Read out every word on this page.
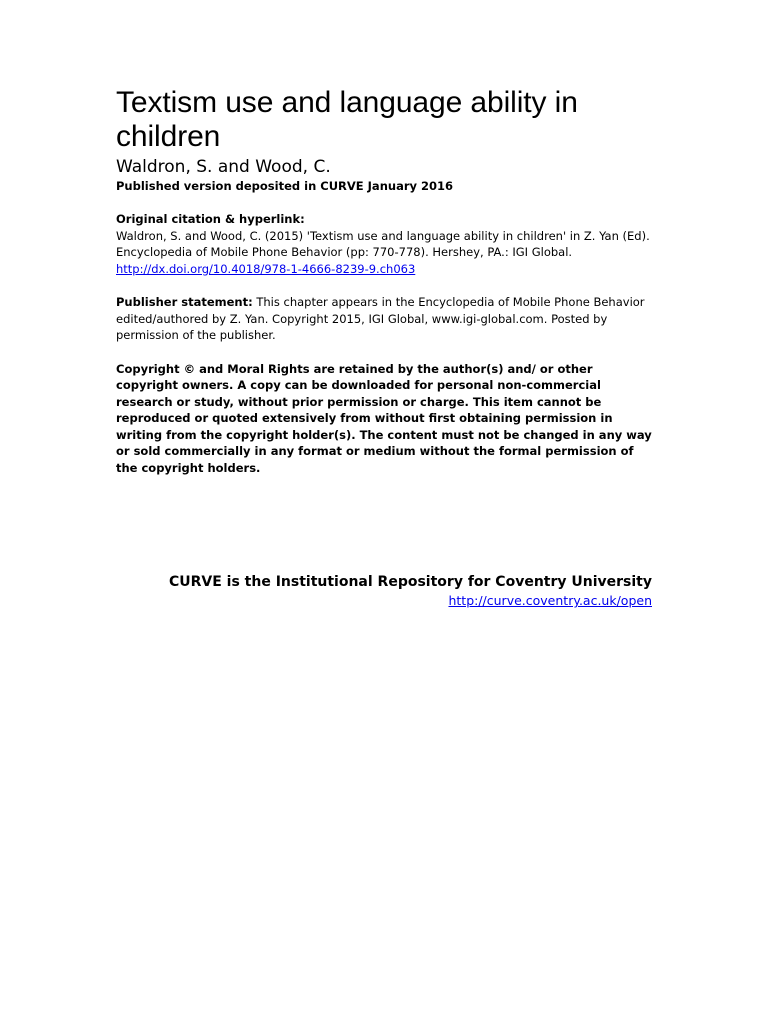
Textism use and language ability in children

Waldron, S. and Wood, C.

Published version deposited in CURVE January 2016

Original citation & hyperlink:

Waldron, S. and Wood, C. (2015) 'Textism use and language ability in children' in Z. Yan (Ed).

Encyclopedia of Mobile Phone Behavior (pp: 770-778). Hershey, PA.: IGI Global.

http://dx.doi.org/10.4018/978-1-4666-8239-9.ch063

Publisher statement: This chapter appears in the Encyclopedia of Mobile Phone Behavior edited/authored by Z. Yan. Copyright 2015, IGI Global, www.igi-global.com. Posted by permission of the publisher.

Copyright © and Moral Rights are retained by the author(s) and/ or other copyright owners. A copy can be downloaded for personal non-commercial research or study, without prior permission or charge. This item cannot be reproduced or quoted extensively from without first obtaining permission in writing from the copyright holder(s). The content must not be changed in any way or sold commercially in any format or medium without the formal permission of the copyright holders.

CURVE is the Institutional Repository for Coventry University

http://curve.coventry.ac.uk/open
